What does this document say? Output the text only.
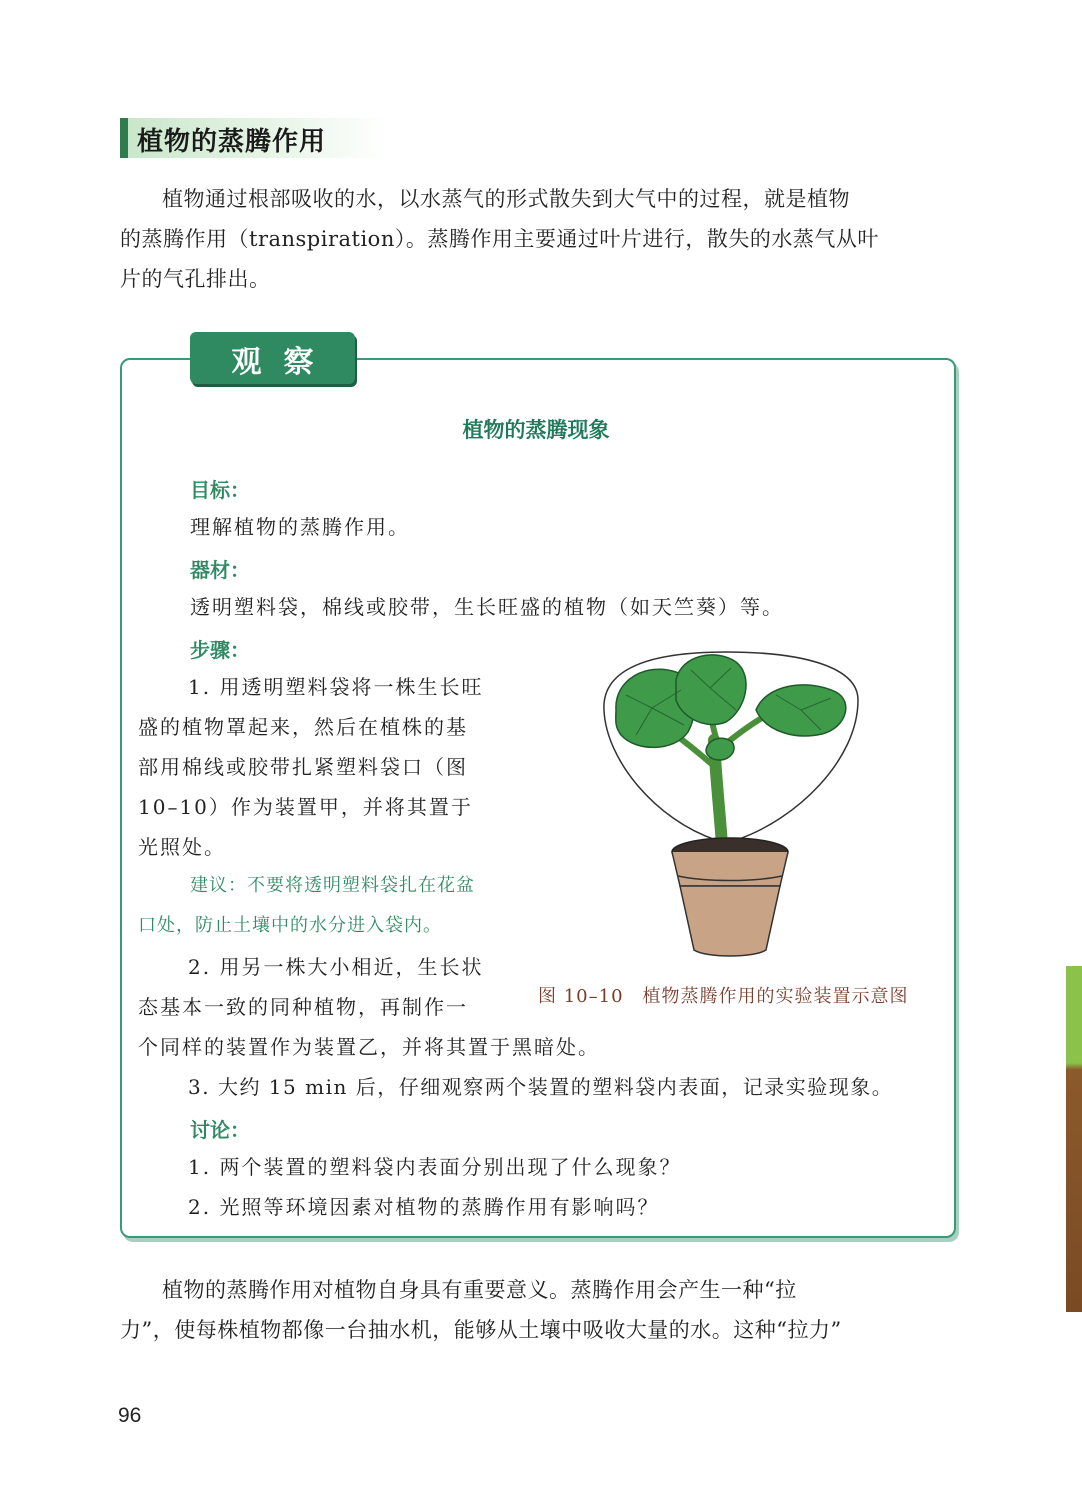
植物的蒸腾作用
植物通过根部吸收的水，以水蒸气的形式散失到大气中的过程，就是植物
的蒸腾作用（transpiration）。蒸腾作用主要通过叶片进行，散失的水蒸气从叶
片的气孔排出。
观察
植物的蒸腾现象
目标：
理解植物的蒸腾作用。
器材：
透明塑料袋，棉线或胶带，生长旺盛的植物（如天竺葵）等。
步骤：
1. 用透明塑料袋将一株生长旺
盛的植物罩起来，然后在植株的基
部用棉线或胶带扎紧塑料袋口（图
10–10）作为装置甲，并将其置于
光照处。
建议：不要将透明塑料袋扎在花盆
口处，防止土壤中的水分进入袋内。
2. 用另一株大小相近，生长状
态基本一致的同种植物，再制作一
个同样的装置作为装置乙，并将其置于黑暗处。
3. 大约 15 min 后，仔细观察两个装置的塑料袋内表面，记录实验现象。
讨论：
1. 两个装置的塑料袋内表面分别出现了什么现象？
2. 光照等环境因素对植物的蒸腾作用有影响吗？
图 10–10　植物蒸腾作用的实验装置示意图
植物的蒸腾作用对植物自身具有重要意义。蒸腾作用会产生一种“拉
力”，使每株植物都像一台抽水机，能够从土壤中吸收大量的水。这种“拉力”
96
